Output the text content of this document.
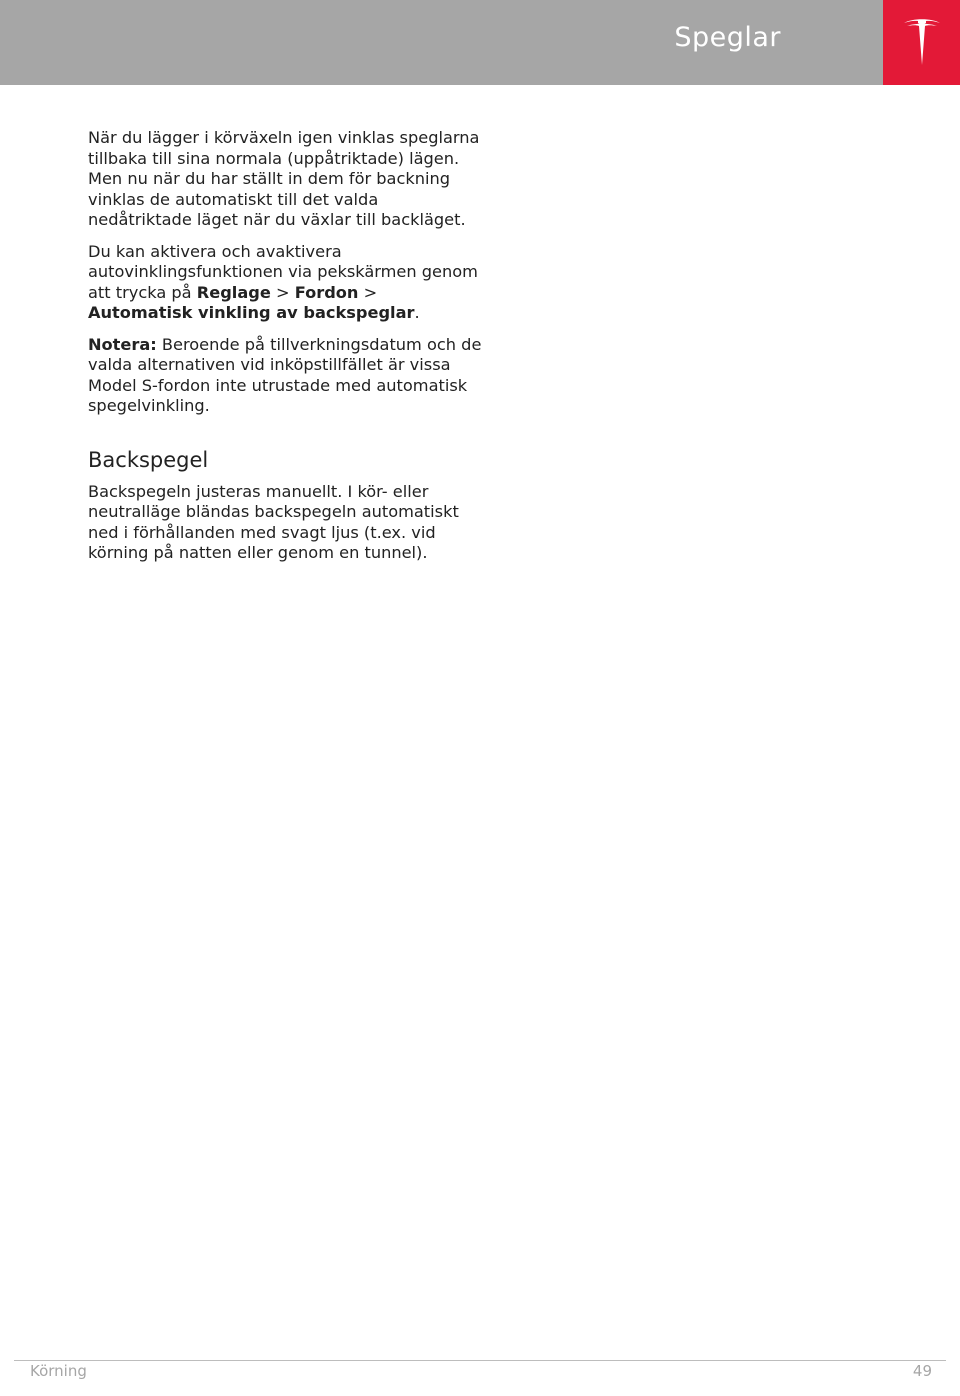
Speglar

När du lägger i körväxeln igen vinklas speglarna tillbaka till sina normala (uppåtriktade) lägen. Men nu när du har ställt in dem för backning vinklas de automatiskt till det valda nedåtriktade läget när du växlar till backläget.

Du kan aktivera och avaktivera autovinklingsfunktionen via pekskärmen genom att trycka på Reglage > Fordon > Automatisk vinkling av backspeglar.

Notera: Beroende på tillverkningsdatum och de valda alternativen vid inköpstillfället är vissa Model S-fordon inte utrustade med automatisk spegelvinkling.

Backspegel

Backspegeln justeras manuellt. I kör- eller neutralläge bländas backspegeln automatiskt ned i förhållanden med svagt ljus (t.ex. vid körning på natten eller genom en tunnel).

Körning	49
